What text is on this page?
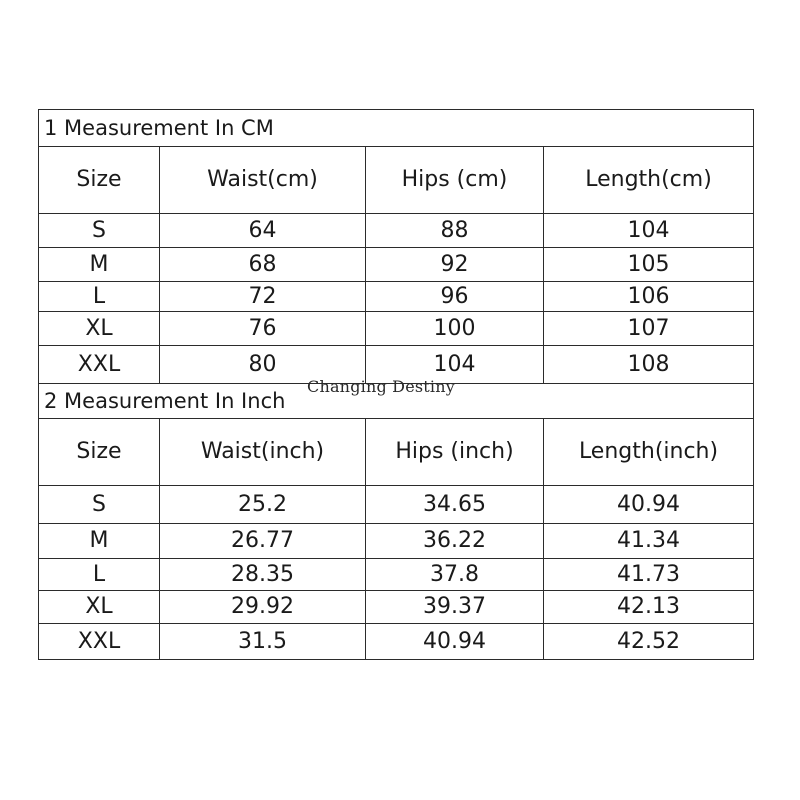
1 Measurement In CM			
Size	Waist(cm)	Hips (cm)	Length(cm)
S	64	88	104
M	68	92	105
L	72	96	106
XL	76	100	107
XXL	80	104	108
2 Measurement In Inch			
Size	Waist(inch)	Hips (inch)	Length(inch)
S	25.2	34.65	40.94
M	26.77	36.22	41.34
L	28.35	37.8	41.73
XL	29.92	39.37	42.13
XXL	31.5	40.94	42.52
Changing Destiny
